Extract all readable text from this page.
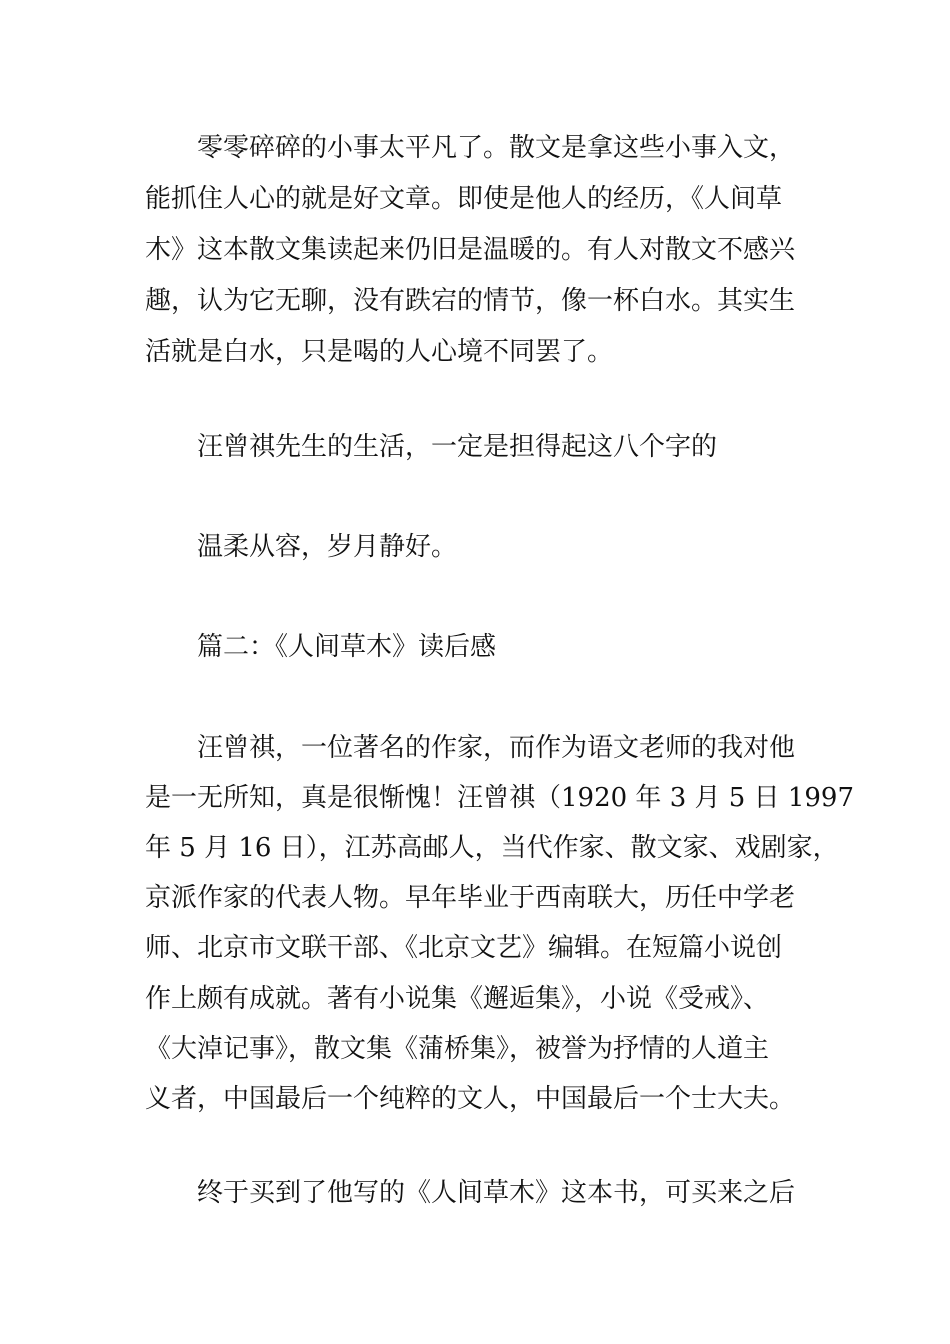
　　零零碎碎的小事太平凡了。散文是拿这些小事入文，

能抓住人心的就是好文章。即使是他人的经历，《人间草

木》这本散文集读起来仍旧是温暖的。有人对散文不感兴

趣，认为它无聊，没有跌宕的情节，像一杯白水。其实生

活就是白水，只是喝的人心境不同罢了。

　　汪曾祺先生的生活，一定是担得起这八个字的

　　温柔从容，岁月静好。

　　篇二：《人间草木》读后感

　　汪曾祺，一位著名的作家，而作为语文老师的我对他

是一无所知，真是很惭愧！汪曾祺（1920 年 3 月 5 日 1997

年 5 月 16 日），江苏高邮人，当代作家、散文家、戏剧家，

京派作家的代表人物。早年毕业于西南联大，历任中学老

师、北京市文联干部、《北京文艺》编辑。在短篇小说创

作上颇有成就。著有小说集《邂逅集》，小说《受戒》、

《大淖记事》，散文集《蒲桥集》，被誉为抒情的人道主

义者，中国最后一个纯粹的文人，中国最后一个士大夫。

　　终于买到了他写的《人间草木》这本书，可买来之后
